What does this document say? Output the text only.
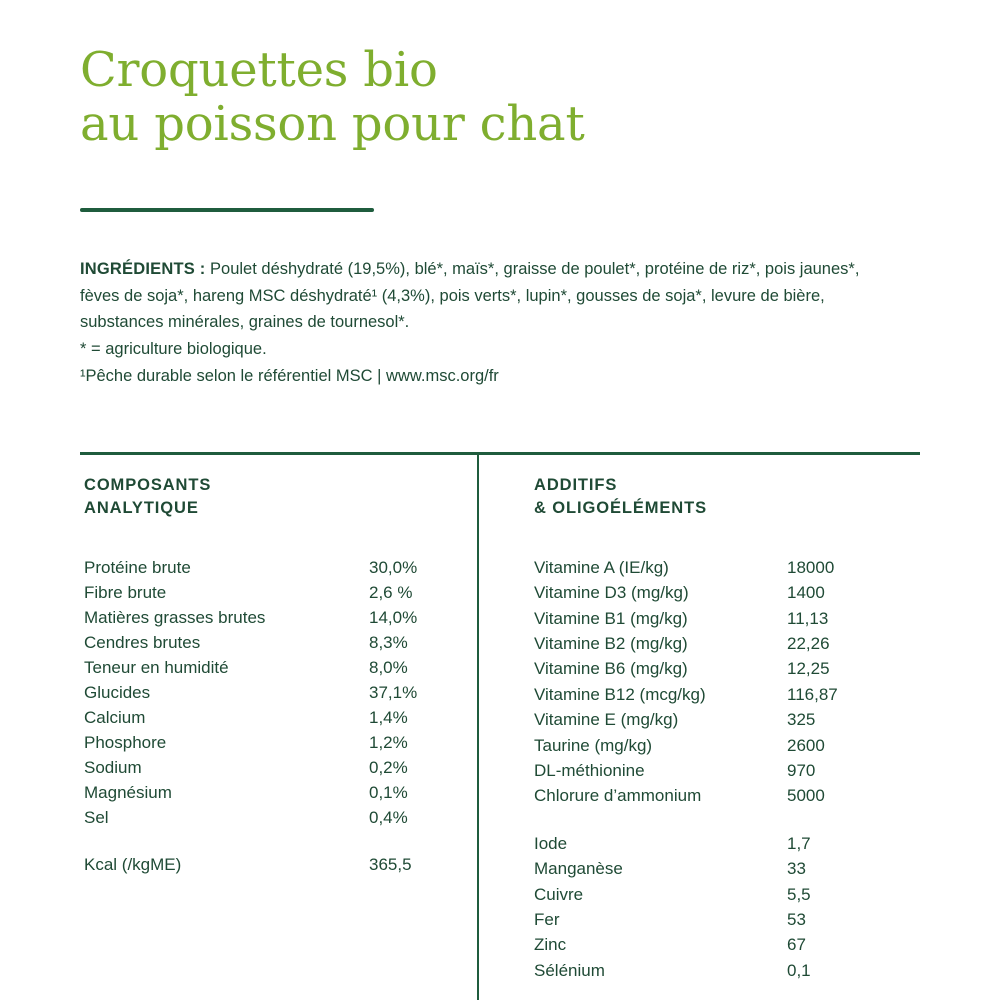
Croquettes bio
au poisson pour chat
INGRÉDIENTS : Poulet déshydraté (19,5%), blé*, maïs*, graisse de poulet*, protéine de riz*, pois jaunes*, fèves de soja*, hareng MSC déshydraté¹ (4,3%), pois verts*, lupin*, gousses de soja*, levure de bière, substances minérales, graines de tournesol*.
* = agriculture biologique.
¹Pêche durable selon le référentiel MSC | www.msc.org/fr
COMPOSANTS
ANALYTIQUE
Protéine brute	30,0%
Fibre brute	2,6 %
Matières grasses brutes	14,0%
Cendres brutes	8,3%
Teneur en humidité	8,0%
Glucides	37,1%
Calcium	1,4%
Phosphore	1,2%
Sodium	0,2%
Magnésium	0,1%
Sel	0,4%
Kcal (/kgME)	365,5
ADDITIFS
& OLIGOÉLÉMENTS
Vitamine A (IE/kg)	18000
Vitamine D3 (mg/kg)	1400
Vitamine B1 (mg/kg)	11,13
Vitamine B2 (mg/kg)	22,26
Vitamine B6 (mg/kg)	12,25
Vitamine B12 (mcg/kg)	116,87
Vitamine E (mg/kg)	325
Taurine (mg/kg)	2600
DL-méthionine	970
Chlorure d’ammonium	5000
Iode	1,7
Manganèse	33
Cuivre	5,5
Fer	53
Zinc	67
Sélénium	0,1
